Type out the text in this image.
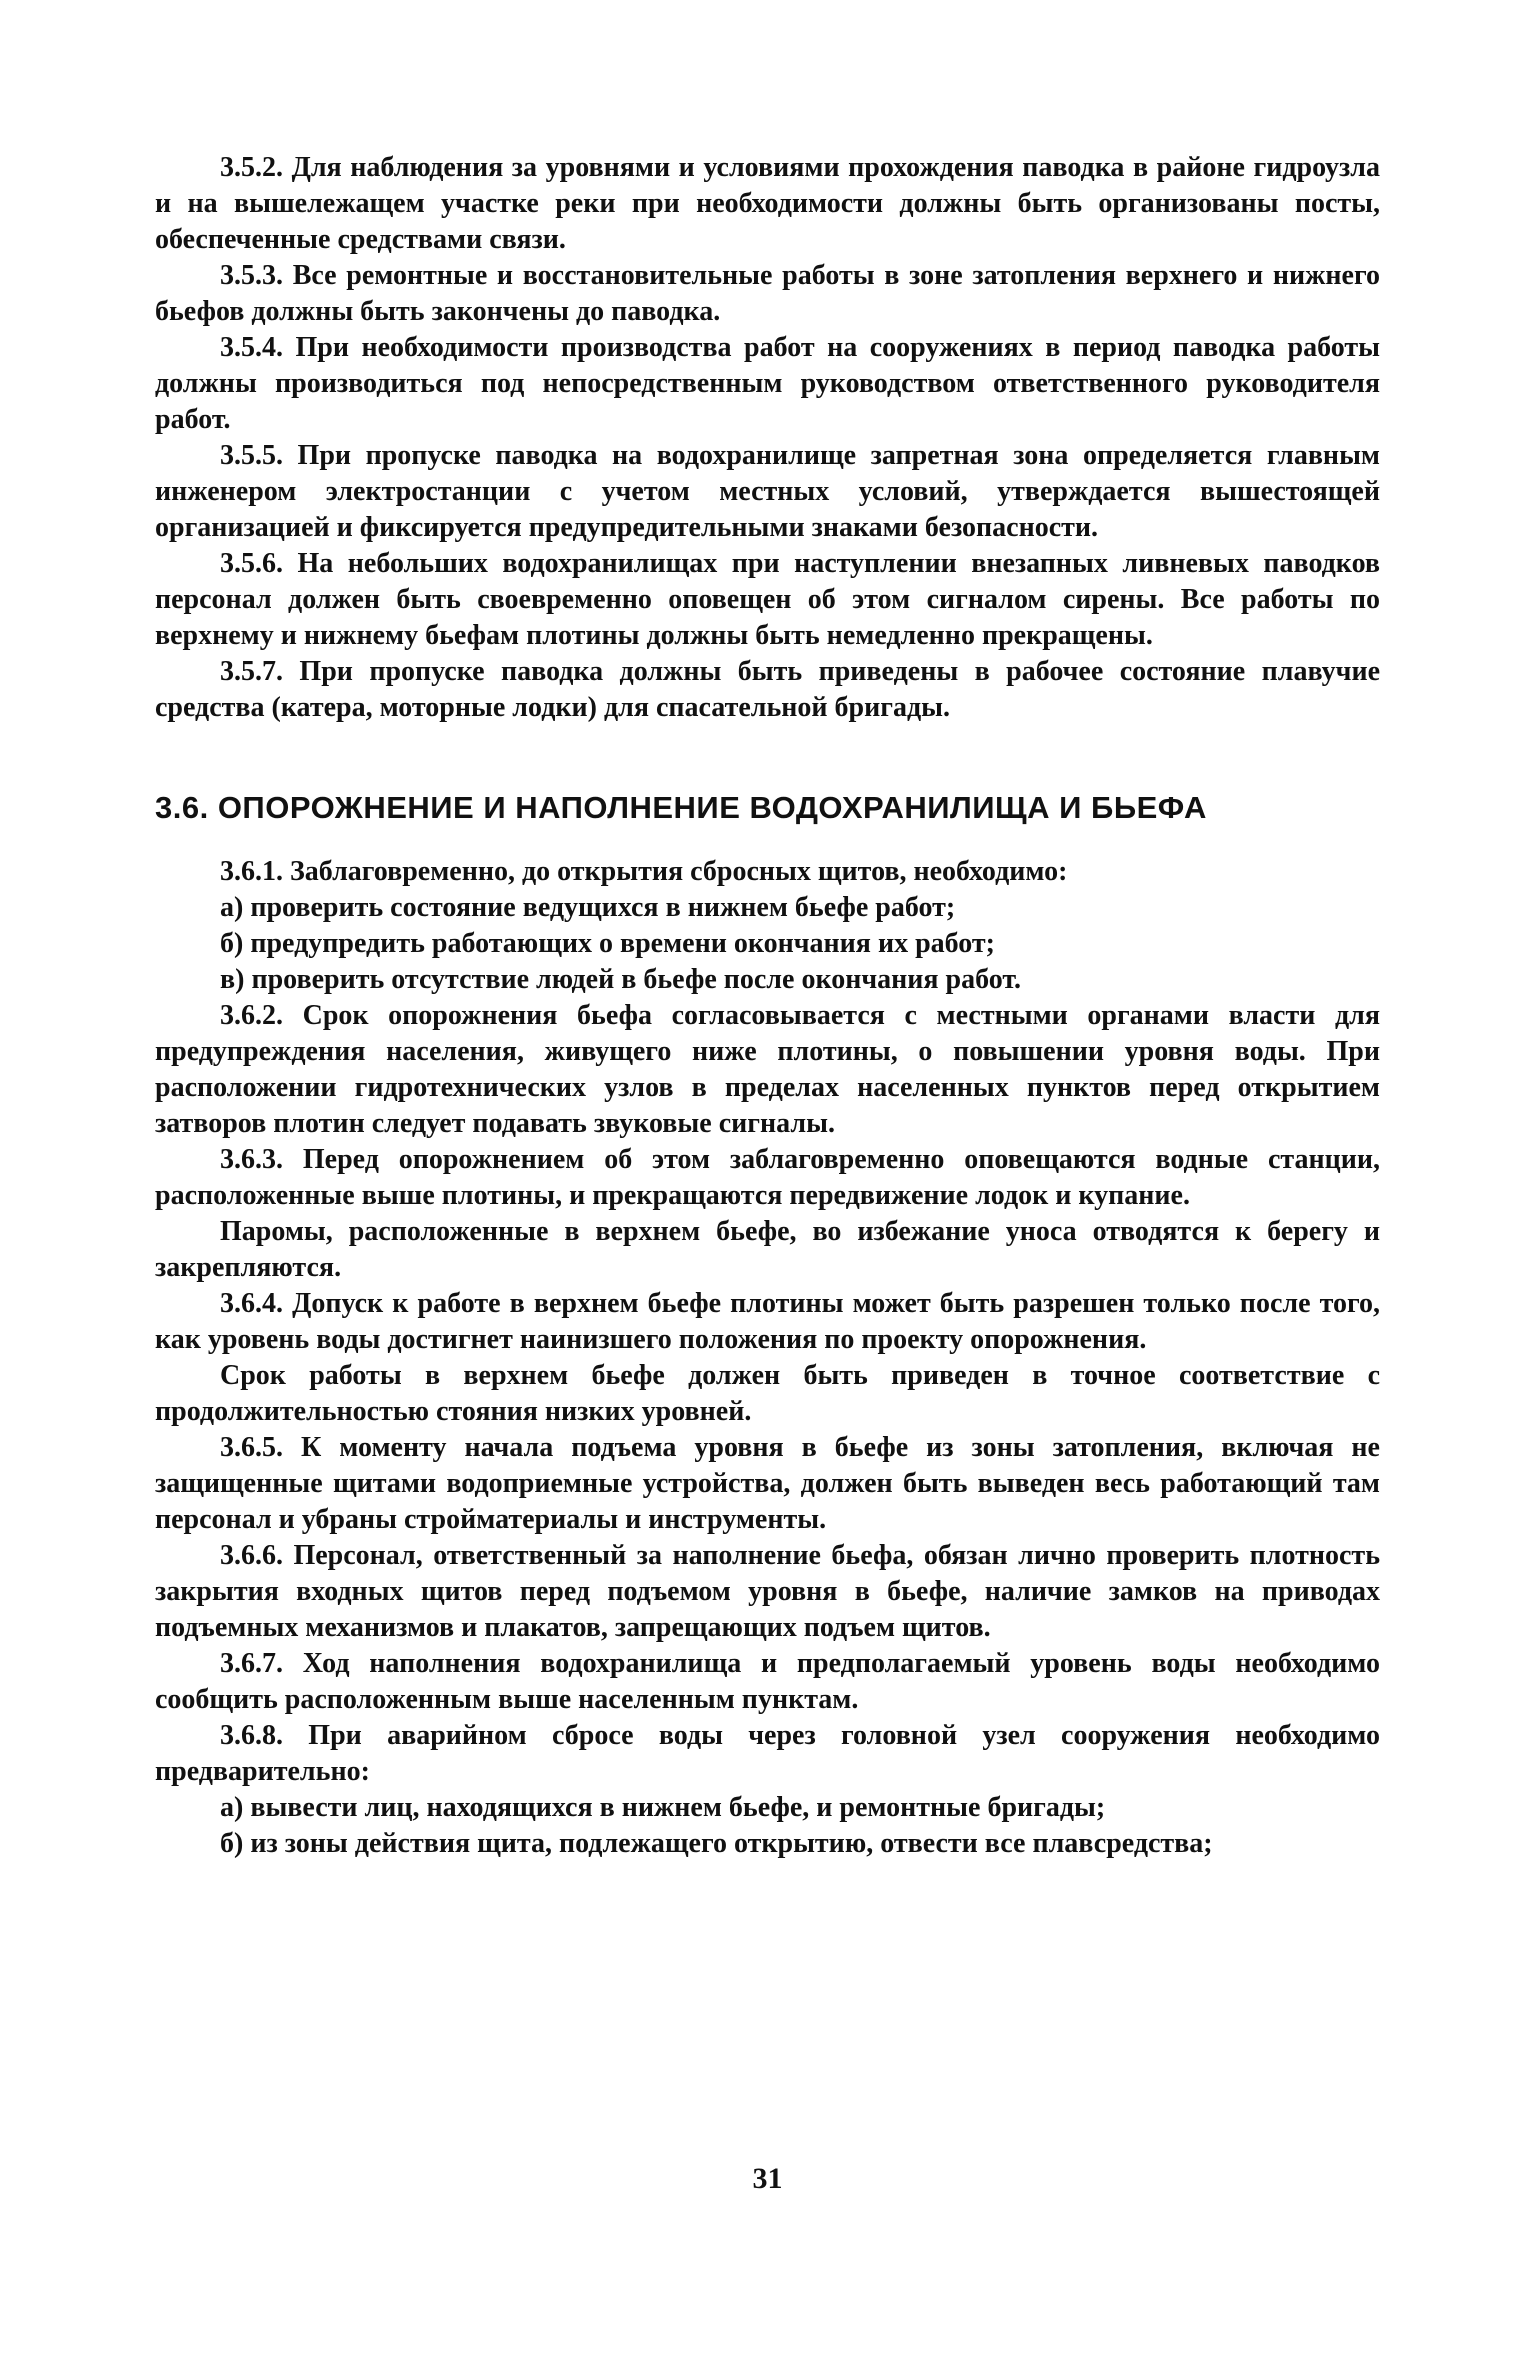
3.5.2. Для наблюдения за уровнями и условиями прохождения паводка в районе гидроузла и на вышележащем участке реки при необходимости должны быть организованы посты, обеспеченные средствами связи.

3.5.3. Все ремонтные и восстановительные работы в зоне затопления верхнего и нижнего бьефов должны быть закончены до паводка.

3.5.4. При необходимости производства работ на сооружениях в период паводка работы должны производиться под непосредственным руководством ответственного руководителя работ.

3.5.5. При пропуске паводка на водохранилище запретная зона определяется главным инженером электростанции с учетом местных условий, утверждается вышестоящей организацией и фиксируется предупредительными знаками безопасности.

3.5.6. На небольших водохранилищах при наступлении внезапных ливневых паводков персонал должен быть своевременно оповещен об этом сигналом сирены. Все работы по верхнему и нижнему бьефам плотины должны быть немедленно прекращены.

3.5.7. При пропуске паводка должны быть приведены в рабочее состояние плавучие средства (катера, моторные лодки) для спасательной бригады.

3.6. ОПОРОЖНЕНИЕ И НАПОЛНЕНИЕ ВОДОХРАНИЛИЩА И БЬЕФА

3.6.1. Заблаговременно, до открытия сбросных щитов, необходимо:

а) проверить состояние ведущихся в нижнем бьефе работ;

б) предупредить работающих о времени окончания их работ;

в) проверить отсутствие людей в бьефе после окончания работ.

3.6.2. Срок опорожнения бьефа согласовывается с местными органами власти для предупреждения населения, живущего ниже плотины, о повышении уровня воды. При расположении гидротехнических узлов в пределах населенных пунктов перед открытием затворов плотин следует подавать звуковые сигналы.

3.6.3. Перед опорожнением об этом заблаговременно оповещаются водные станции, расположенные выше плотины, и прекращаются передвижение лодок и купание.

Паромы, расположенные в верхнем бьефе, во избежание уноса отводятся к берегу и закрепляются.

3.6.4. Допуск к работе в верхнем бьефе плотины может быть разрешен только после того, как уровень воды достигнет наинизшего положения по проекту опорожнения.

Срок работы в верхнем бьефе должен быть приведен в точное соответствие с продолжительностью стояния низких уровней.

3.6.5. К моменту начала подъема уровня в бьефе из зоны затопления, включая не защищенные щитами водоприемные устройства, должен быть выведен весь работающий там персонал и убраны стройматериалы и инструменты.

3.6.6. Персонал, ответственный за наполнение бьефа, обязан лично проверить плотность закрытия входных щитов перед подъемом уровня в бьефе, наличие замков на приводах подъемных механизмов и плакатов, запрещающих подъем щитов.

3.6.7. Ход наполнения водохранилища и предполагаемый уровень воды необходимо сообщить расположенным выше населенным пунктам.

3.6.8. При аварийном сбросе воды через головной узел сооружения необходимо предварительно:

а) вывести лиц, находящихся в нижнем бьефе, и ремонтные бригады;

б) из зоны действия щита, подлежащего открытию, отвести все плавсредства;

31
